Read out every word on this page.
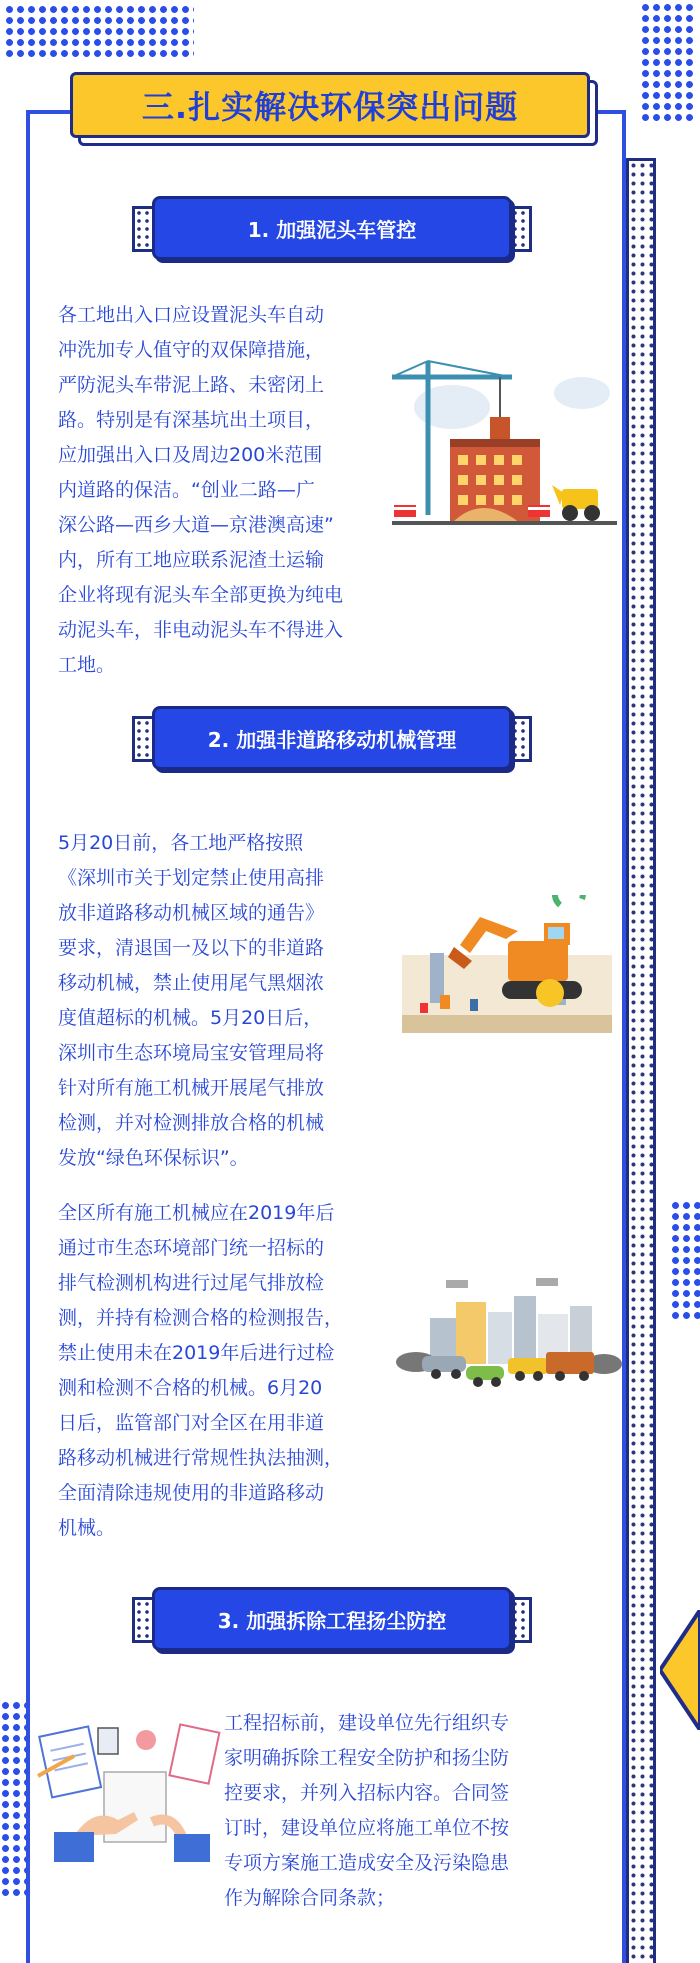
三.扎实解决环保突出问题
1. 加强泥头车管控
各工地出入口应设置泥头车自动
冲洗加专人值守的双保障措施，
严防泥头车带泥上路、未密闭上
路。特别是有深基坑出土项目，
应加强出入口及周边200米范围
内道路的保洁。“创业二路—广
深公路—西乡大道—京港澳高速”
内，所有工地应联系泥渣土运输
企业将现有泥头车全部更换为纯电
动泥头车，非电动泥头车不得进入
工地。
2. 加强非道路移动机械管理
5月20日前，各工地严格按照
《深圳市关于划定禁止使用高排
放非道路移动机械区域的通告》
要求，清退国一及以下的非道路
移动机械，禁止使用尾气黑烟浓
度值超标的机械。5月20日后，
深圳市生态环境局宝安管理局将
针对所有施工机械开展尾气排放
检测，并对检测排放合格的机械
发放“绿色环保标识”。
全区所有施工机械应在2019年后
通过市生态环境部门统一招标的
排气检测机构进行过尾气排放检
测，并持有检测合格的检测报告，
禁止使用未在2019年后进行过检
测和检测不合格的机械。6月20
日后，监管部门对全区在用非道
路移动机械进行常规性执法抽测，
全面清除违规使用的非道路移动
机械。
3. 加强拆除工程扬尘防控
工程招标前，建设单位先行组织专
家明确拆除工程安全防护和扬尘防
控要求，并列入招标内容。合同签
订时，建设单位应将施工单位不按
专项方案施工造成安全及污染隐患
作为解除合同条款；
